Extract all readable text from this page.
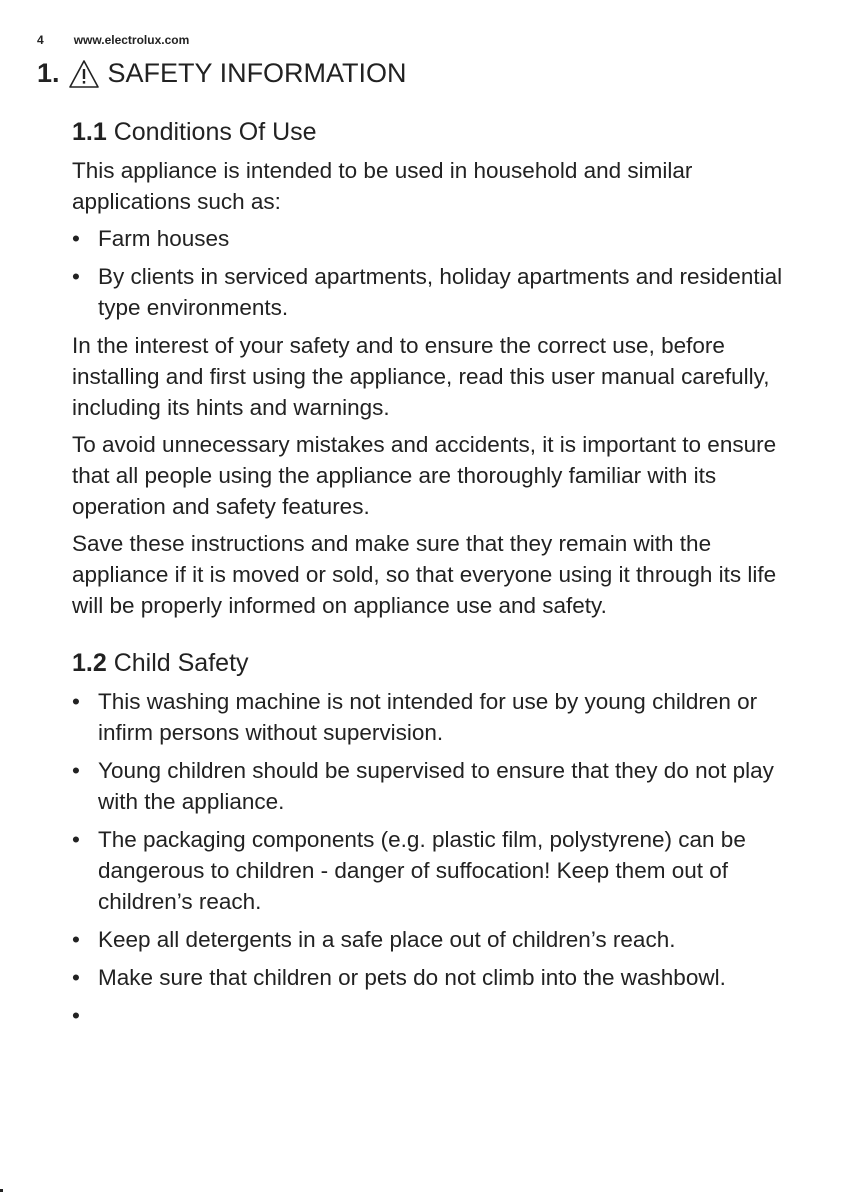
4	www.electrolux.com
1. SAFETY INFORMATION
1.1 Conditions Of Use

This appliance is intended to be used in household and similar applications such as:

• Farm houses
• By clients in serviced apartments, holiday apartments and residential type environments.

In the interest of your safety and to ensure the correct use, before installing and first using the appliance, read this user manual carefully, including its hints and warnings.

To avoid unnecessary mistakes and accidents, it is important to ensure that all people using the appliance are thoroughly familiar with its operation and safety features.

Save these instructions and make sure that they remain with the appliance if it is moved or sold, so that everyone using it through its life will be properly informed on appliance use and safety.

1.2 Child Safety
• This washing machine is not intended for use by young children or infirm persons without supervision.
• Young children should be supervised to ensure that they do not play with the appliance.
• The packaging components (e.g. plastic film, polystyrene) can be dangerous to children - danger of suffocation! Keep them out of children’s reach.
• Keep all detergents in a safe place out of children’s reach.
• Make sure that children or pets do not climb into the washbowl.
•
